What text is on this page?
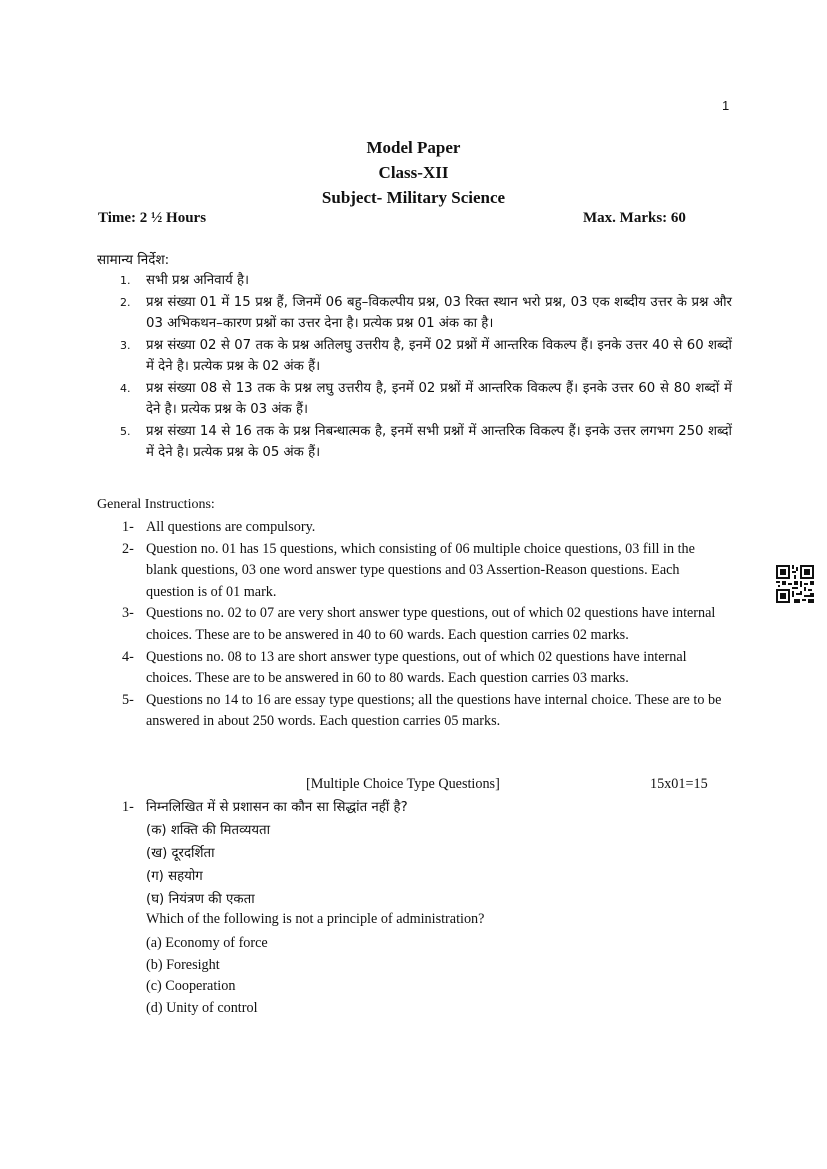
1
Model Paper
Class-XII
Subject- Military Science
Time: 2 ½ Hours	Max. Marks: 60
सामान्य निर्देश:
1. सभी प्रश्न अनिवार्य है।
2. प्रश्न संख्या 01 में 15 प्रश्न हैं, जिनमें 06 बहु–विकल्पीय प्रश्न, 03 रिक्त स्थान भरो प्रश्न, 03 एक शब्दीय उत्तर के प्रश्न और 03 अभिकथन–कारण प्रश्नों का उत्तर देना है। प्रत्येक प्रश्न 01 अंक का है।
3. प्रश्न संख्या 02 से 07 तक के प्रश्न अतिलघु उत्तरीय है, इनमें 02 प्रश्नों में आन्तरिक विकल्प हैं। इनके उत्तर 40 से 60 शब्दों में देने है। प्रत्येक प्रश्न के 02 अंक हैं।
4. प्रश्न संख्या 08 से 13 तक के प्रश्न लघु उत्तरीय है, इनमें 02 प्रश्नों में आन्तरिक विकल्प हैं। इनके उत्तर 60 से 80 शब्दों में देने है। प्रत्येक प्रश्न के 03 अंक हैं।
5. प्रश्न संख्या 14 से 16 तक के प्रश्न निबन्धात्मक है, इनमें सभी प्रश्नों में आन्तरिक विकल्प हैं। इनके उत्तर लगभग 250 शब्दों में देने है। प्रत्येक प्रश्न के 05 अंक हैं।
General Instructions:
1- All questions are compulsory.
2- Question no. 01 has 15 questions, which consisting of 06 multiple choice questions, 03 fill in the blank questions, 03 one word answer type questions and 03 Assertion-Reason questions. Each question is of 01 mark.
3- Questions no. 02 to 07 are very short answer type questions, out of which 02 questions have internal choices. These are to be answered in 40 to 60 wards. Each question carries 02 marks.
4- Questions no. 08 to 13 are short answer type questions, out of which 02 questions have internal choices. These are to be answered in 60 to 80 wards. Each question carries 03 marks.
5- Questions no 14 to 16 are essay type questions; all the questions have internal choice. These are to be answered in about 250 words. Each question carries 05 marks.
[Multiple Choice Type Questions]	15x01=15
1- निम्नलिखित में से प्रशासन का कौन सा सिद्धांत नहीं है?
(क) शक्ति की मितव्ययता
(ख) दूरदर्शिता
(ग) सहयोग
(घ) नियंत्रण की एकता
Which of the following is not a principle of administration?
(a) Economy of force
(b) Foresight
(c) Cooperation
(d) Unity of control
